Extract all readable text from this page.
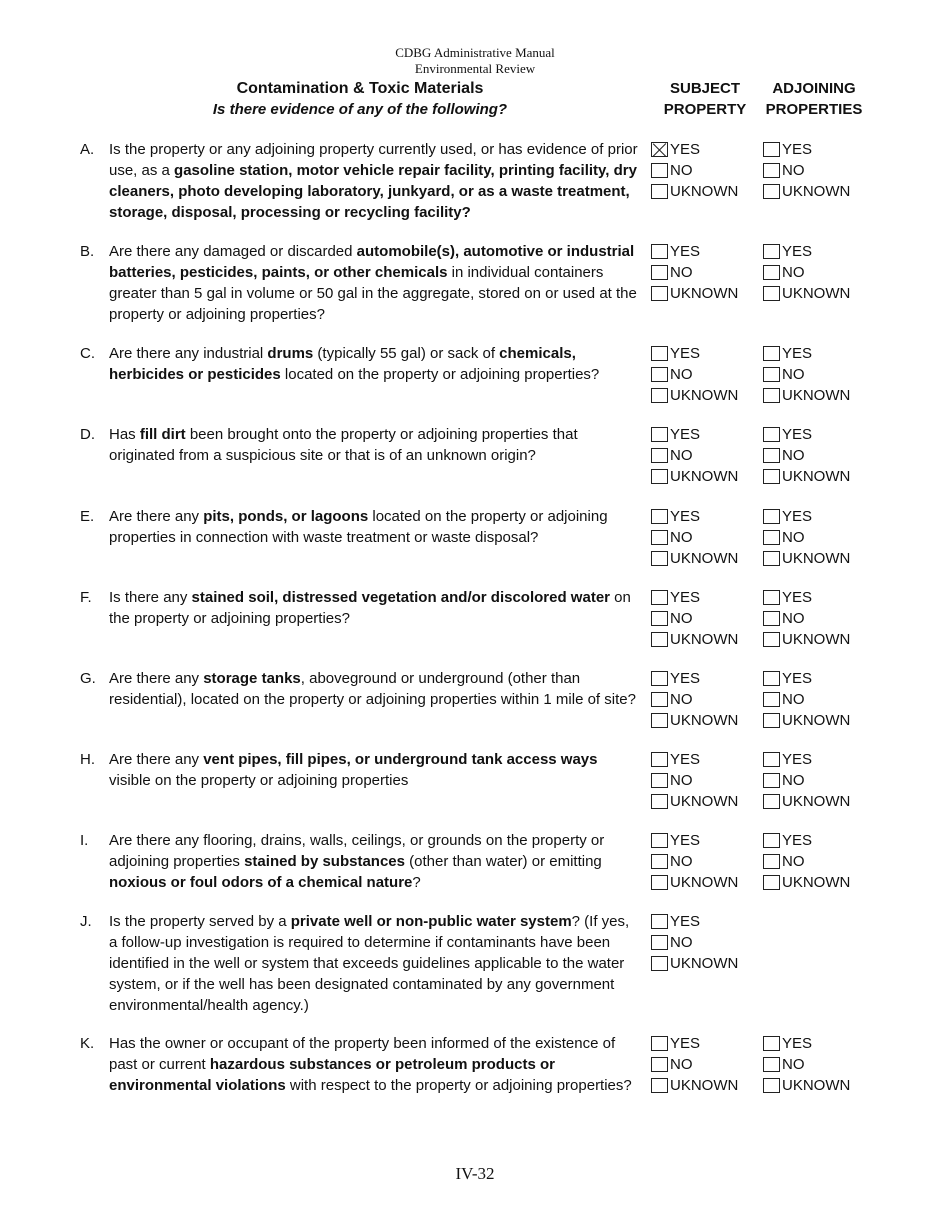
CDBG Administrative Manual
Environmental Review
Contamination & Toxic Materials
Is there evidence of any of the following?
SUBJECT
PROPERTY
ADJOINING
PROPERTIES
A. Is the property or any adjoining property currently used, or has evidence of prior use, as a gasoline station, motor vehicle repair facility, printing facility, dry cleaners, photo developing laboratory, junkyard, or as a waste treatment, storage, disposal, processing or recycling facility?
YES
NO
UKNOWN
YES
NO
UKNOWN
B. Are there any damaged or discarded automobile(s), automotive or industrial batteries, pesticides, paints, or other chemicals in individual containers greater than 5 gal in volume or 50 gal in the aggregate, stored on or used at the property or adjoining properties?
YES
NO
UKNOWN
YES
NO
UKNOWN
C. Are there any industrial drums (typically 55 gal) or sack of chemicals, herbicides or pesticides located on the property or adjoining properties?
YES
NO
UKNOWN
YES
NO
UKNOWN
D. Has fill dirt been brought onto the property or adjoining properties that originated from a suspicious site or that is of an unknown origin?
YES
NO
UKNOWN
YES
NO
UKNOWN
E. Are there any pits, ponds, or lagoons located on the property or adjoining properties in connection with waste treatment or waste disposal?
YES
NO
UKNOWN
YES
NO
UKNOWN
F. Is there any stained soil, distressed vegetation and/or discolored water on the property or adjoining properties?
YES
NO
UKNOWN
YES
NO
UKNOWN
G. Are there any storage tanks, aboveground or underground (other than residential), located on the property or adjoining properties within 1 mile of site?
YES
NO
UKNOWN
YES
NO
UKNOWN
H. Are there any vent pipes, fill pipes, or underground tank access ways visible on the property or adjoining properties
YES
NO
UKNOWN
YES
NO
UKNOWN
I. Are there any flooring, drains, walls, ceilings, or grounds on the property or adjoining properties stained by substances (other than water) or emitting noxious or foul odors of a chemical nature?
YES
NO
UKNOWN
YES
NO
UKNOWN
J. Is the property served by a private well or non-public water system? (If yes, a follow-up investigation is required to determine if contaminants have been identified in the well or system that exceeds guidelines applicable to the water system, or if the well has been designated contaminated by any government environmental/health agency.)
YES
NO
UKNOWN
K. Has the owner or occupant of the property been informed of the existence of past or current hazardous substances or petroleum products or environmental violations with respect to the property or adjoining properties?
YES
NO
UKNOWN
YES
NO
UKNOWN
IV-32
